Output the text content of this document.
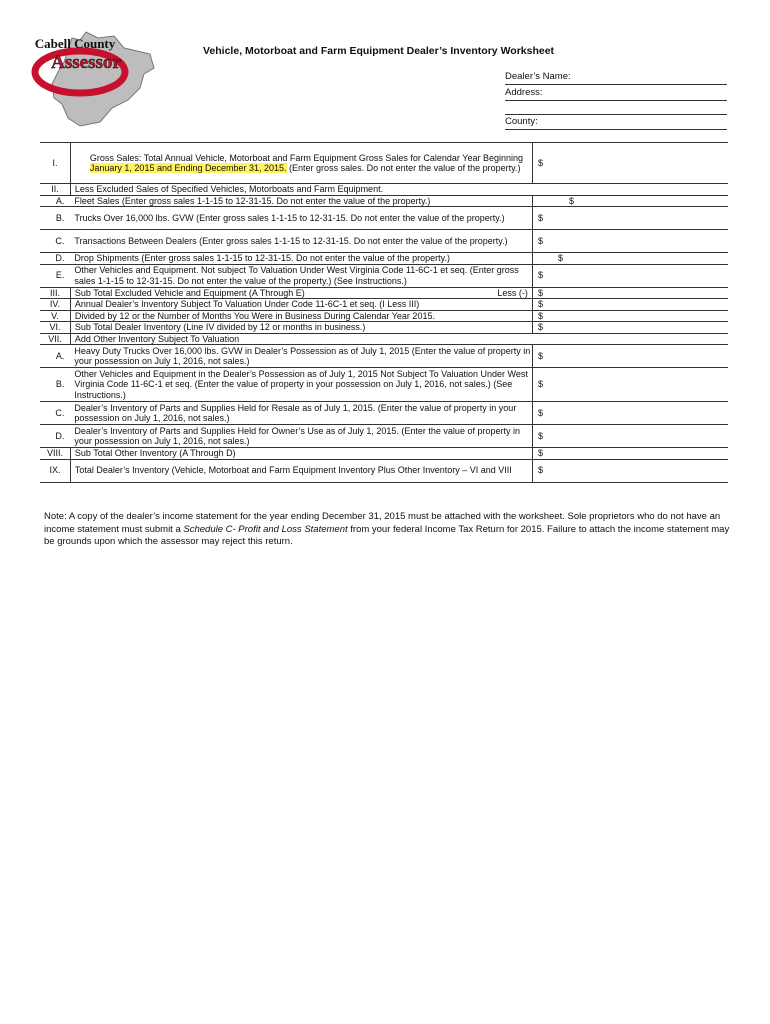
Cabell County
Assessor
Vehicle, Motorboat and Farm Equipment Dealer’s Inventory Worksheet
Dealer’s Name:
Address:
County:
I.	Gross Sales: Total Annual Vehicle, Motorboat and Farm Equipment Gross Sales for Calendar Year Beginning January 1, 2015 and Ending December 31, 2015. (Enter gross sales. Do not enter the value of the property.)	$
II.	Less Excluded Sales of Specified Vehicles, Motorboats and Farm Equipment.	
A.	Fleet Sales (Enter gross sales 1-1-15 to 12-31-15. Do not enter the value of the property.)	$
B.	Trucks Over 16,000 lbs. GVW (Enter gross sales 1-1-15 to 12-31-15. Do not enter the value of the property.)	$
C.	Transactions Between Dealers (Enter gross sales 1-1-15 to 12-31-15. Do not enter the value of the property.)	$
D.	Drop Shipments (Enter gross sales 1-1-15 to 12-31-15. Do not enter the value of the property.)	$
E.	Other Vehicles and Equipment. Not subject To Valuation Under West Virginia Code 11-6C-1 et seq. (Enter gross sales 1-1-15 to 12-31-15. Do not enter the value of the property.) (See Instructions.)	$
III.	Sub Total Excluded Vehicle and Equipment (A Through E) Less (-)	$
IV.	Annual Dealer’s Inventory Subject To Valuation Under Code 11-6C-1 et seq. (I Less III)	$
V.	Divided by 12 or the Number of Months You Were in Business During Calendar Year 2015.	$
VI.	Sub Total Dealer Inventory (Line IV divided by 12 or months in business.)	$
VII.	Add Other Inventory Subject To Valuation	
A.	Heavy Duty Trucks Over 16,000 lbs. GVW in Dealer’s Possession as of July 1, 2015 (Enter the value of property in your possession on July 1, 2016, not sales.)	$
B.	Other Vehicles and Equipment in the Dealer’s Possession as of July 1, 2015 Not Subject To Valuation Under West Virginia Code 11-6C-1 et seq. (Enter the value of property in your possession on July 1, 2016, not sales.) (See Instructions.)	$
C.	Dealer’s Inventory of Parts and Supplies Held for Resale as of July 1, 2015. (Enter the value of property in your possession on July 1, 2016, not sales.)	$
D.	Dealer’s Inventory of Parts and Supplies Held for Owner’s Use as of July 1, 2015. (Enter the value of property in your possession on July 1, 2016, not sales.)	$
VIII.	Sub Total Other Inventory (A Through D)	$
IX.	Total Dealer’s Inventory (Vehicle, Motorboat and Farm Equipment Inventory Plus Other Inventory – VI and VIII	$
Note: A copy of the dealer’s income statement for the year ending December 31, 2015 must be attached with the worksheet. Sole proprietors who do not have an income statement must submit a Schedule C- Profit and Loss Statement from your federal Income Tax Return for 2015. Failure to attach the income statement may be grounds upon which the assessor may reject this return.
